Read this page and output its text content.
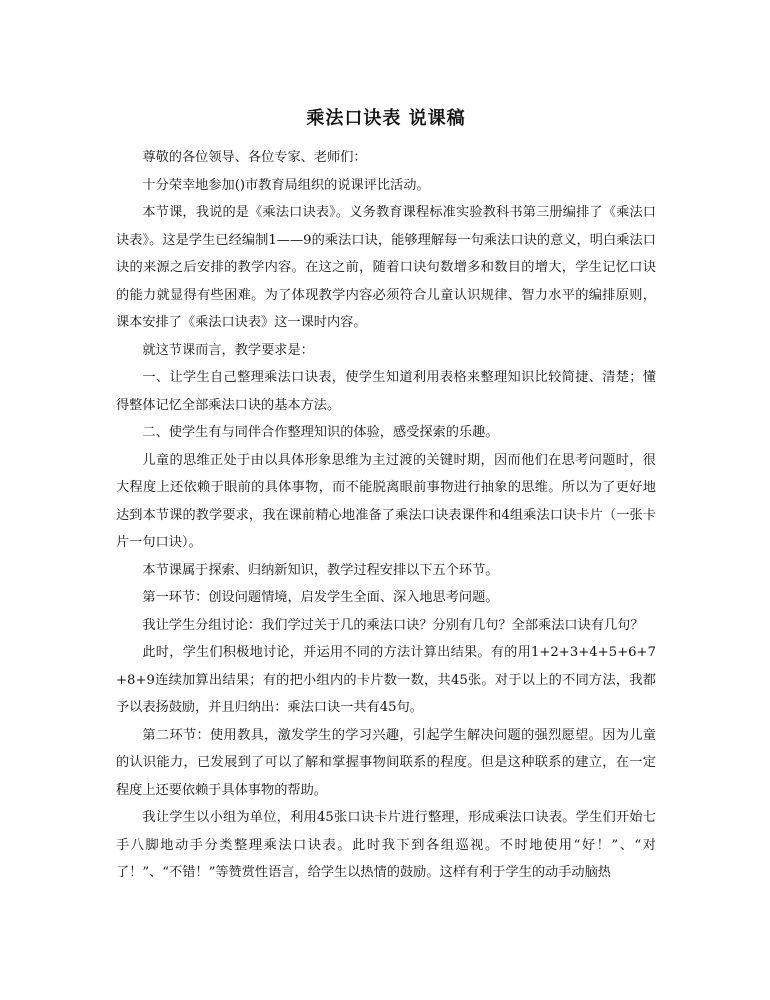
乘法口诀表 说课稿

尊敬的各位领导、各位专家、老师们：

十分荣幸地参加()市教育局组织的说课评比活动。

本节课，我说的是《乘法口诀表》。义务教育课程标准实验教科书第三册编排了《乘法口诀表》。这是学生已经编制1——9的乘法口诀，能够理解每一句乘法口诀的意义，明白乘法口诀的来源之后安排的教学内容。在这之前，随着口诀句数增多和数目的增大，学生记忆口诀的能力就显得有些困难。为了体现教学内容必须符合儿童认识规律、智力水平的编排原则，课本安排了《乘法口诀表》这一课时内容。

就这节课而言，教学要求是：

一、让学生自己整理乘法口诀表，使学生知道利用表格来整理知识比较简捷、清楚；懂得整体记忆全部乘法口诀的基本方法。

二、使学生有与同伴合作整理知识的体验，感受探索的乐趣。

儿童的思维正处于由以具体形象思维为主过渡的关键时期，因而他们在思考问题时，很大程度上还依赖于眼前的具体事物，而不能脱离眼前事物进行抽象的思维。所以为了更好地达到本节课的教学要求，我在课前精心地准备了乘法口诀表课件和4组乘法口诀卡片（一张卡片一句口诀）。

本节课属于探索、归纳新知识，教学过程安排以下五个环节。

第一环节：创设问题情境，启发学生全面、深入地思考问题。

我让学生分组讨论：我们学过关于几的乘法口诀？分别有几句？全部乘法口诀有几句？

此时，学生们积极地讨论，并运用不同的方法计算出结果。有的用1+2+3+4+5+6+7+8+9连续加算出结果；有的把小组内的卡片数一数，共45张。对于以上的不同方法，我都予以表扬鼓励，并且归纳出：乘法口诀一共有45句。

第二环节：使用教具，激发学生的学习兴趣，引起学生解决问题的强烈愿望。因为儿童的认识能力，已发展到了可以了解和掌握事物间联系的程度。但是这种联系的建立，在一定程度上还要依赖于具体事物的帮助。

我让学生以小组为单位，利用45张口诀卡片进行整理，形成乘法口诀表。学生们开始七手八脚地动手分类整理乘法口诀表。此时我下到各组巡视。不时地使用“好！”、“对了！”、“不错！”等赞赏性语言，给学生以热情的鼓励。这样有利于学生的动手动脑热
